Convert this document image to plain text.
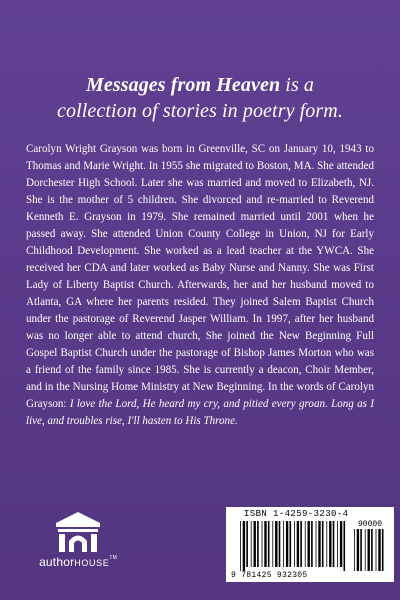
Messages from Heaven is a
collection of stories in poetry form.
Carolyn Wright Grayson was born in Greenville, SC on January 10, 1943 to Thomas and Marie Wright. In 1955 she migrated to Boston, MA. She attended Dorchester High School. Later she was married and moved to Elizabeth, NJ. She is the mother of 5 children. She divorced and re-married to Reverend Kenneth E. Grayson in 1979. She remained married until 2001 when he passed away. She attended Union County College in Union, NJ for Early Childhood Development. She worked as a lead teacher at the YWCA. She received her CDA and later worked as Baby Nurse and Nanny. She was First Lady of Liberty Baptist Church. Afterwards, her and her husband moved to Atlanta, GA where her parents resided. They joined Salem Baptist Church under the pastorage of Reverend Jasper William. In 1997, after her husband was no longer able to attend church, She joined the New Beginning Full Gospel Baptist Church under the pastorage of Bishop James Morton who was a friend of the family since 1985. She is currently a deacon, Choir Member, and in the Nursing Home Ministry at New Beginning. In the words of Carolyn Grayson: I love the Lord, He heard my cry, and pitied every groan. Long as I live, and troubles rise, I'll hasten to His Throne.
authorHOUSE™
ISBN 1-4259-3230-4
90000
9 781425 932305
